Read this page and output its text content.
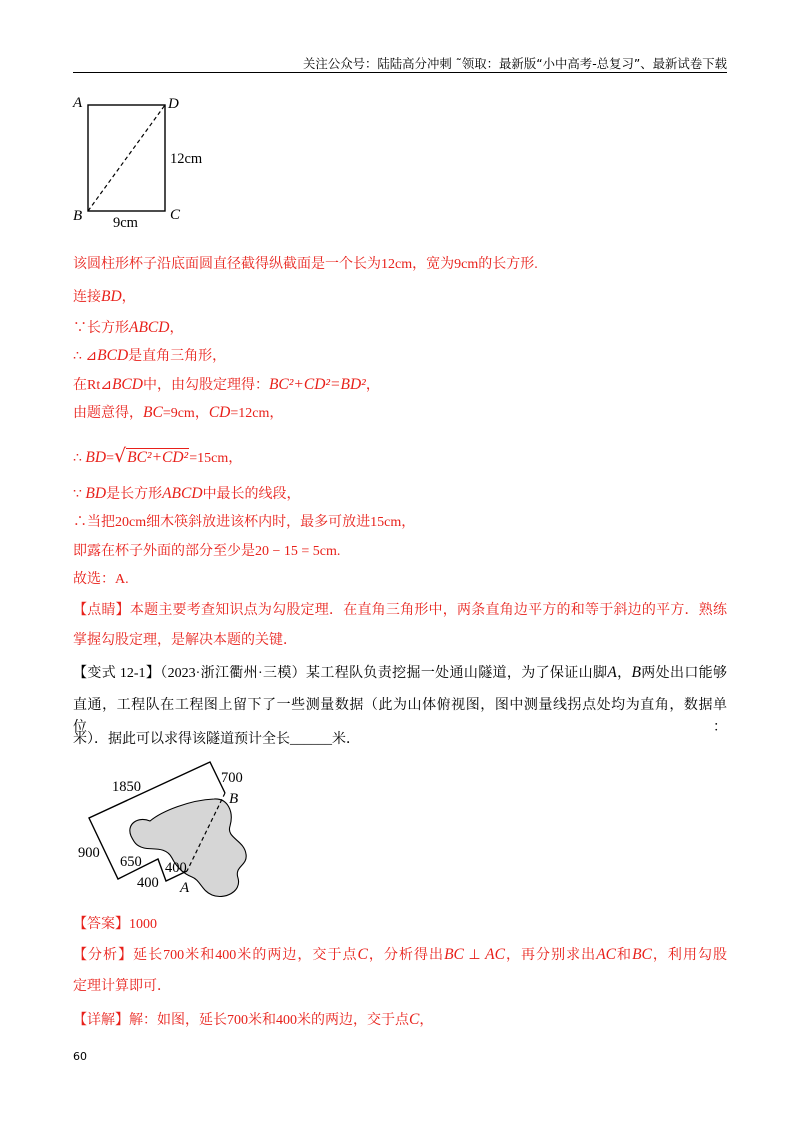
关注公众号：陆陆高分冲刺 ˜领取：最新版“小中高考-总复习”、最新试卷下载
A	D
B	C
12cm
9cm
该圆柱形杯子沿底面圆直径截得纵截面是一个长为12cm，宽为9cm的长方形.
连接BD，
∵长方形ABCD，
∴ ⊿BCD是直角三角形，
在Rt⊿BCD中，由勾股定理得：BC²+CD²=BD²，
由题意得，BC=9cm，CD=12cm，
∴ BD=√BC²+CD²=15cm，
∵ BD是长方形ABCD中最长的线段，
∴当把20cm细木筷斜放进该杯内时，最多可放进15cm，
即露在杯子外面的部分至少是20 − 15 = 5cm.
故选：A.
【点睛】本题主要考查知识点为勾股定理．在直角三角形中，两条直角边平方的和等于斜边的平方．熟练
掌握勾股定理，是解决本题的关键．
【变式 12-1】（2023·浙江衢州·三模）某工程队负责挖掘一处通山隧道，为了保证山脚A，B两处出口能够
直通，工程队在工程图上留下了一些测量数据（此为山体俯视图，图中测量线拐点处均为直角，数据单位：
米）．据此可以求得该隧道预计全长______米．
1850
700
B
900
650 400
400 A
【答案】1000
【分析】延长700米和400米的两边，交于点C，分析得出BC ⊥ AC，再分别求出AC和BC，利用勾股
定理计算即可．
【详解】解：如图，延长700米和400米的两边，交于点C，
60
